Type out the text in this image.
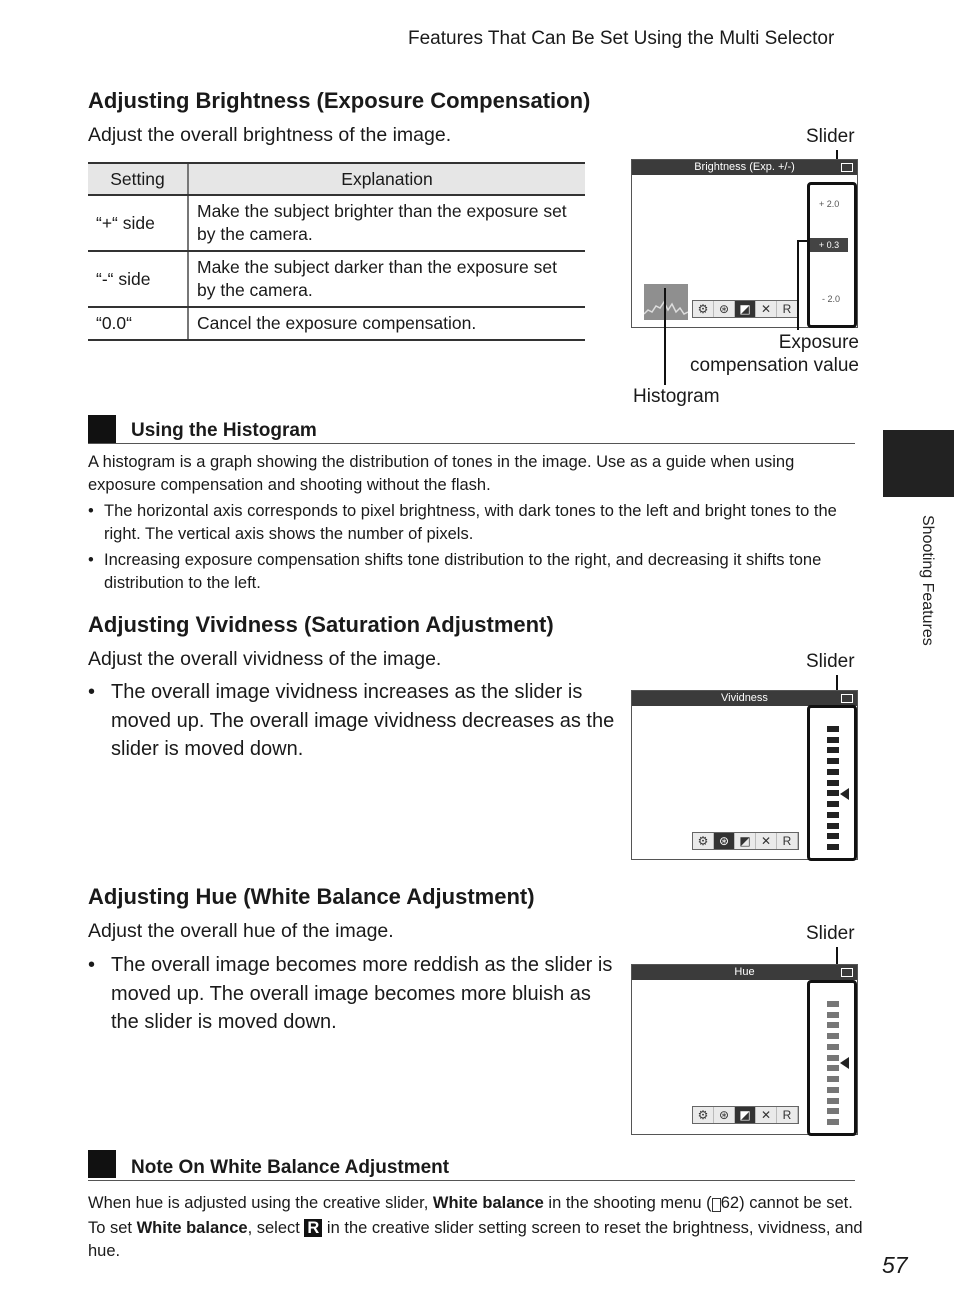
Features That Can Be Set Using the Multi Selector
Adjusting Brightness (Exposure Compensation)
Adjust the overall brightness of the image.
Setting	Explanation
“+“ side	Make the subject brighter than the exposure set by the camera.
“-“ side	Make the subject darker than the exposure set by the camera.
“0.0“	Cancel the exposure compensation.
Slider
Brightness (Exp. +/-)
⚙ ⊛ ◩ ✕ R
+ 2.0
+ 0.3
- 2.0
Exposure
compensation value
Histogram
Using the Histogram
A histogram is a graph showing the distribution of tones in the image. Use as a guide when using exposure compensation and shooting without the flash.
• The horizontal axis corresponds to pixel brightness, with dark tones to the left and bright tones to the right. The vertical axis shows the number of pixels.
• Increasing exposure compensation shifts tone distribution to the right, and decreasing it shifts tone distribution to the left.
Adjusting Vividness (Saturation Adjustment)
Adjust the overall vividness of the image.
• The overall image vividness increases as the slider is moved up. The overall image vividness decreases as the slider is moved down.
Slider
Vividness
⚙ ⊛ ◩ ✕ R
Adjusting Hue (White Balance Adjustment)
Adjust the overall hue of the image.
• The overall image becomes more reddish as the slider is moved up. The overall image becomes more bluish as the slider is moved down.
Slider
Hue
⚙ ⊛ ◩ ✕ R
Note On White Balance Adjustment
When hue is adjusted using the creative slider, White balance in the shooting menu ( 62) cannot be set. To set White balance, select R in the creative slider setting screen to reset the brightness, vividness, and hue.
Shooting Features
57
